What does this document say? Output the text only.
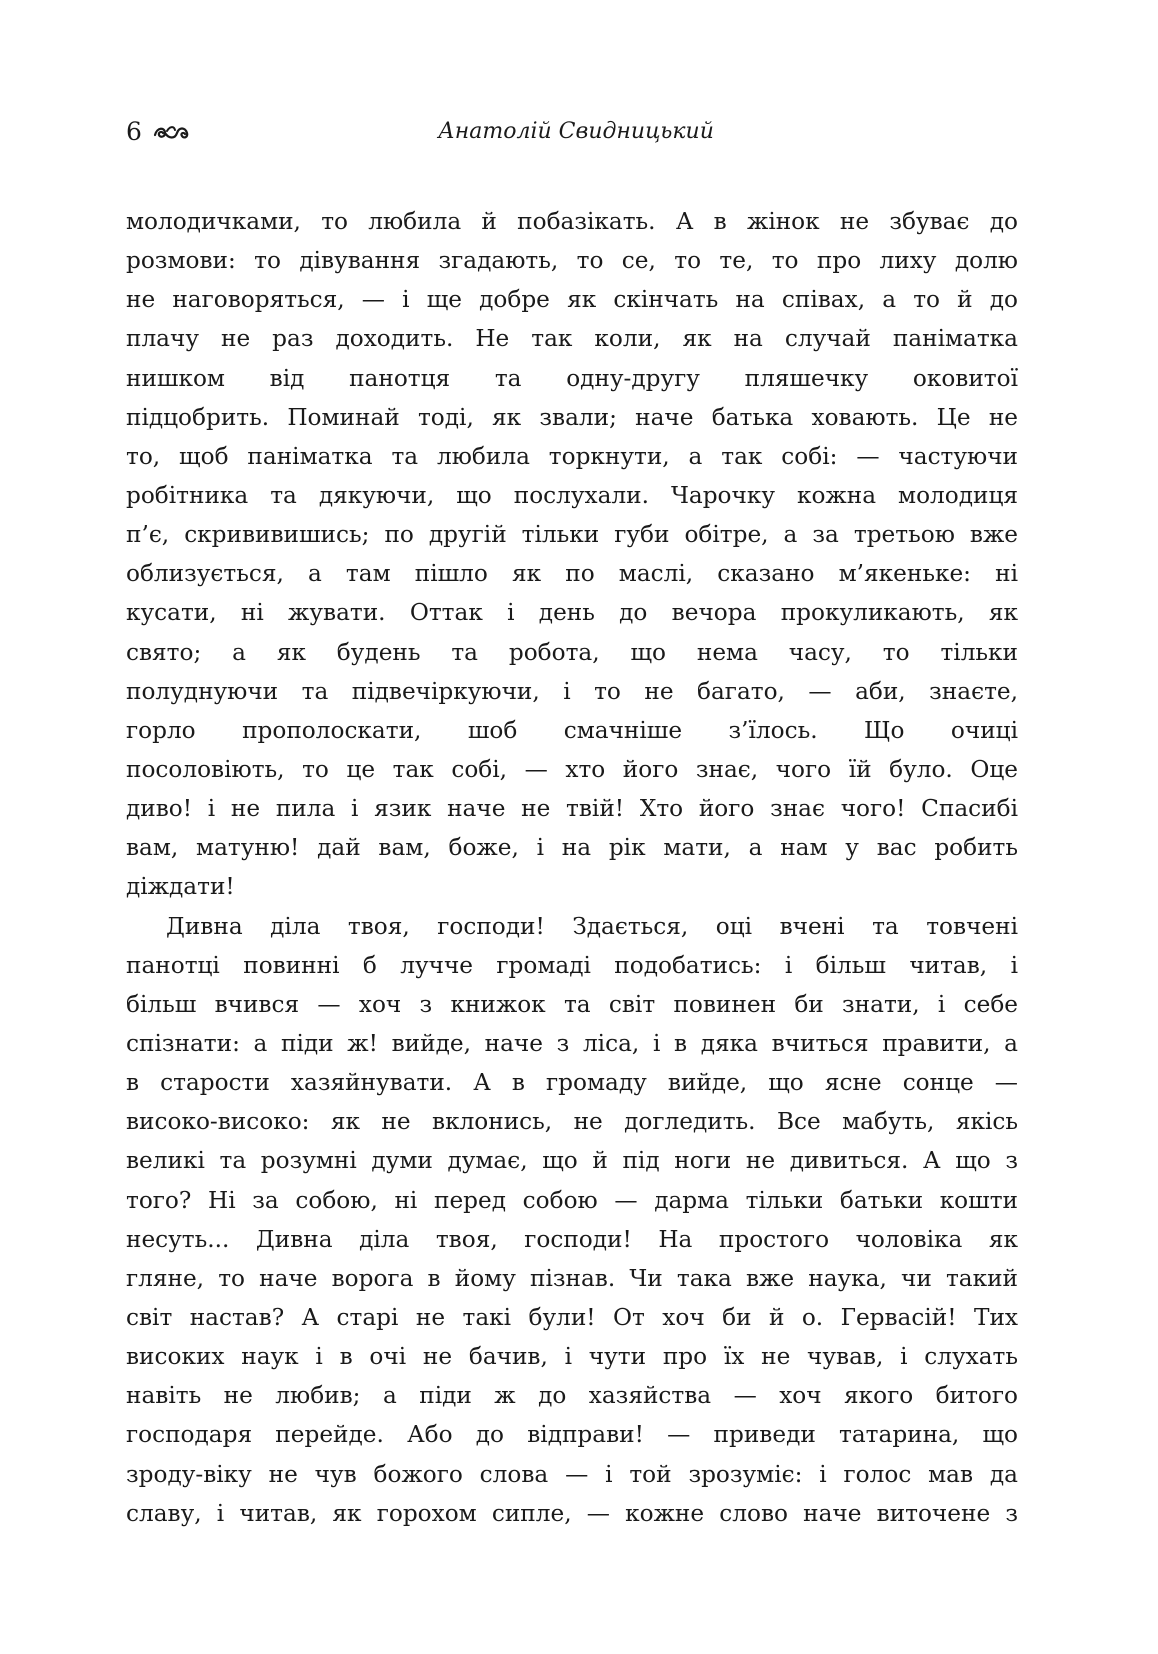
6	Анатолій Свидницький
молодичками, то любила й побазікать. А в жінок не збуває до
розмови: то дівування згадають, то се, то те, то про лиху долю
не наговоряться, — і ще добре як скінчать на співах, а то й до
плачу не раз доходить. Не так коли, як на случай паніматка
нишком від панотця та одну-другу пляшечку оковитої
підцобрить. Поминай тоді, як звали; наче батька ховають. Це не
то, щоб паніматка та любила торкнути, а так собі: — частуючи
робітника та дякуючи, що послухали. Чарочку кожна молодиця
п’є, скрививишись; по другій тільки губи обітре, а за третьою вже
облизується, а там пішло як по маслі, сказано м’якеньке: ні
кусати, ні жувати. Оттак і день до вечора прокуликають, як
свято; а як будень та робота, що нема часу, то тільки
полуднуючи та підвечіркуючи, і то не багато, — аби, знаєте,
горло прополоскати, шоб смачніше з’їлось. Що очиці
посоловіють, то це так собі, — хто його знає, чого їй було. Оце
диво! і не пила і язик наче не твій! Хто його знає чого! Спасибі
вам, матуню! дай вам, боже, і на рік мати, а нам у вас робить
діждати!
Дивна діла твоя, господи! Здається, оці вчені та товчені
панотці повинні б лучче громаді подобатись: і більш читав, і
більш вчився — хоч з книжок та світ повинен би знати, і себе
спізнати: а піди ж! вийде, наче з ліса, і в дяка вчиться правити, а
в старости хазяйнувати. А в громаду вийде, що ясне сонце —
високо-високо: як не вклонись, не догледить. Все мабуть, якісь
великі та розумні думи думає, що й під ноги не дивиться. А що з
того? Ні за собою, ні перед собою — дарма тільки батьки кошти
несуть... Дивна діла твоя, господи! На простого чоловіка як
гляне, то наче ворога в йому пізнав. Чи така вже наука, чи такий
світ настав? А старі не такі були! От хоч би й о. Гервасій! Тих
високих наук і в очі не бачив, і чути про їх не чував, і слухать
навіть не любив; а піди ж до хазяйства — хоч якого битого
господаря перейде. Або до відправи! — приведи татарина, що
зроду-віку не чув божого слова — і той зрозуміє: і голос мав да
славу, і читав, як горохом сипле, — кожне слово наче виточене з
